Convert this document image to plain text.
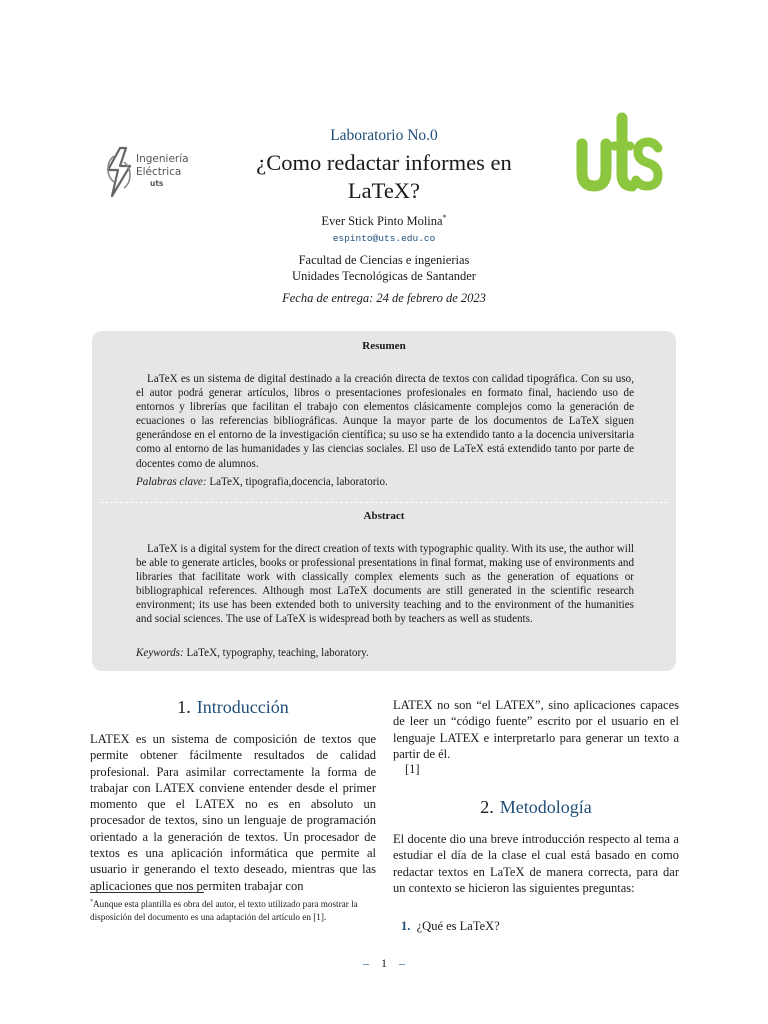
Ingeniería
Eléctrica
uts
Laboratorio No.0
¿Como redactar informes en
LaTeX?
Ever Stick Pinto Molina*
espinto@uts.edu.co
Facultad de Ciencias e ingenierias
Unidades Tecnológicas de Santander
Fecha de entrega: 24 de febrero de 2023
Resumen
LaTeX es un sistema de digital destinado a la creación directa de textos con calidad tipográfica. Con su uso, el autor podrá generar artículos, libros o presentaciones profesionales en formato final, haciendo uso de entornos y librerías que facilitan el trabajo con elementos clásicamente complejos como la generación de ecuaciones o las referencias bibliográficas. Aunque la mayor parte de los documentos de LaTeX siguen generándose en el entorno de la investigación científica; su uso se ha extendido tanto a la docencia universitaria como al entorno de las humanidades y las ciencias sociales. El uso de LaTeX está extendido tanto por parte de docentes como de alumnos.
Palabras clave: LaTeX, tipografia,docencia, laboratorio.
Abstract
LaTeX is a digital system for the direct creation of texts with typographic quality. With its use, the author will be able to generate articles, books or professional presentations in final format, making use of environments and libraries that facilitate work with classically complex elements such as the generation of equations or bibliographical references. Although most LaTeX documents are still generated in the scientific research environment; its use has been extended both to university teaching and to the environment of the humanities and social sciences. The use of LaTeX is widespread both by teachers as well as students.
Keywords: LaTeX, typography, teaching, laboratory.
1. Introducción
LATEX es un sistema de composición de textos que permite obtener fácilmente resultados de calidad profesional. Para asimilar correctamente la forma de trabajar con LATEX conviene entender desde el primer momento que el LATEX no es en absoluto un procesador de textos, sino un lenguaje de programación orientado a la generación de textos. Un procesador de textos es una aplicación informática que permite al usuario ir generando el texto deseado, mientras que las aplicaciones que nos permiten trabajar con
*Aunque esta plantilla es obra del autor, el texto utilizado para mostrar la disposición del documento es una adaptación del artículo en [1].
LATEX no son “el LATEX”, sino aplicaciones capaces de leer un “código fuente” escrito por el usuario en el lenguaje LATEX e interpretarlo para generar un texto a partir de él.
[1]
2. Metodología
El docente dio una breve introducción respecto al tema a estudiar el día de la clase el cual está basado en como redactar textos en LaTeX de manera correcta, para dar un contexto se hicieron las siguientes preguntas:
1. ¿Qué es LaTeX?
– 1 –
